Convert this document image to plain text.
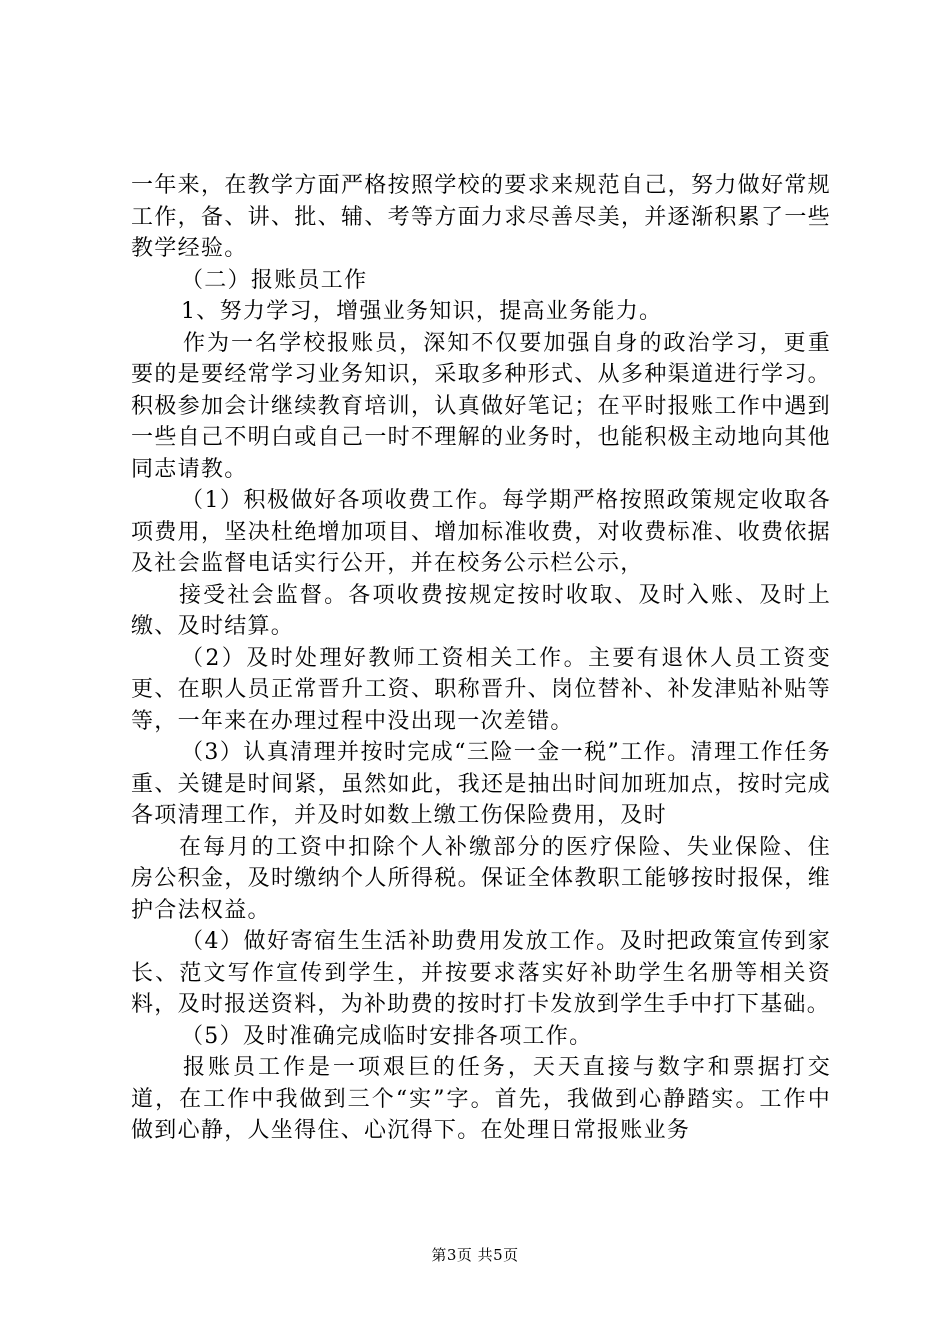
一年来，在教学方面严格按照学校的要求来规范自己，努力做好常规工作，备、讲、批、辅、考等方面力求尽善尽美，并逐渐积累了一些教学经验。

（二）报账员工作

1、努力学习，增强业务知识，提高业务能力。

作为一名学校报账员，深知不仅要加强自身的政治学习，更重要的是要经常学习业务知识，采取多种形式、从多种渠道进行学习。积极参加会计继续教育培训，认真做好笔记；在平时报账工作中遇到一些自己不明白或自己一时不理解的业务时，也能积极主动地向其他同志请教。

（1）积极做好各项收费工作。每学期严格按照政策规定收取各项费用，坚决杜绝增加项目、增加标准收费，对收费标准、收费依据及社会监督电话实行公开，并在校务公示栏公示，

接受社会监督。各项收费按规定按时收取、及时入账、及时上缴、及时结算。

（2）及时处理好教师工资相关工作。主要有退休人员工资变更、在职人员正常晋升工资、职称晋升、岗位替补、补发津贴补贴等等，一年来在办理过程中没出现一次差错。

（3）认真清理并按时完成“三险一金一税”工作。清理工作任务重、关键是时间紧，虽然如此，我还是抽出时间加班加点，按时完成各项清理工作，并及时如数上缴工伤保险费用，及时

在每月的工资中扣除个人补缴部分的医疗保险、失业保险、住房公积金，及时缴纳个人所得税。保证全体教职工能够按时报保，维护合法权益。

（4）做好寄宿生生活补助费用发放工作。及时把政策宣传到家长、范文写作宣传到学生，并按要求落实好补助学生名册等相关资料，及时报送资料，为补助费的按时打卡发放到学生手中打下基础。

（5）及时准确完成临时安排各项工作。

报账员工作是一项艰巨的任务，天天直接与数字和票据打交道，在工作中我做到三个“实”字。首先，我做到心静踏实。工作中做到心静，人坐得住、心沉得下。在处理日常报账业务

第3页 共5页
